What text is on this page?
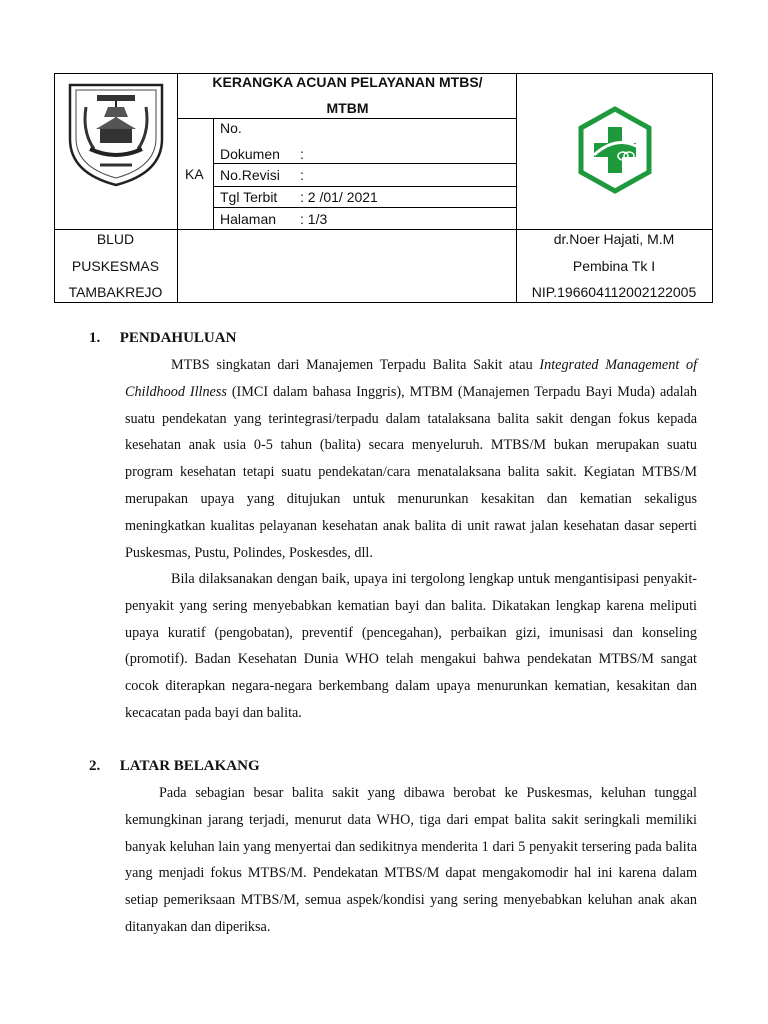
KERANGKA ACUAN PELAYANAN MTBS/
MTBM
KA
No.
Dokumen :
No.Revisi :
Tgl Terbit : 2 /01/ 2021
Halaman : 1/3
BLUD
PUSKESMAS
TAMBAKREJO
dr.Noer Hajati, M.M
Pembina Tk I
NIP.196604112002122005
1. PENDAHULUAN
MTBS singkatan dari Manajemen Terpadu Balita Sakit atau Integrated Management of Childhood Illness (IMCI dalam bahasa Inggris), MTBM (Manajemen Terpadu Bayi Muda) adalah suatu pendekatan yang terintegrasi/terpadu dalam tatalaksana balita sakit dengan fokus kepada kesehatan anak usia 0-5 tahun (balita) secara menyeluruh. MTBS/M bukan merupakan suatu program kesehatan tetapi suatu pendekatan/cara menatalaksana balita sakit. Kegiatan MTBS/M merupakan upaya yang ditujukan untuk menurunkan kesakitan dan kematian sekaligus meningkatkan kualitas pelayanan kesehatan anak balita di unit rawat jalan kesehatan dasar seperti Puskesmas, Pustu, Polindes, Poskesdes, dll.
Bila dilaksanakan dengan baik, upaya ini tergolong lengkap untuk mengantisipasi penyakit-penyakit yang sering menyebabkan kematian bayi dan balita. Dikatakan lengkap karena meliputi upaya kuratif (pengobatan), preventif (pencegahan), perbaikan gizi, imunisasi dan konseling (promotif). Badan Kesehatan Dunia WHO telah mengakui bahwa pendekatan MTBS/M sangat cocok diterapkan negara-negara berkembang dalam upaya menurunkan kematian, kesakitan dan kecacatan pada bayi dan balita.
2. LATAR BELAKANG
Pada sebagian besar balita sakit yang dibawa berobat ke Puskesmas, keluhan tunggal kemungkinan jarang terjadi, menurut data WHO, tiga dari empat balita sakit seringkali memiliki banyak keluhan lain yang menyertai dan sedikitnya menderita 1 dari 5 penyakit tersering pada balita yang menjadi fokus MTBS/M. Pendekatan MTBS/M dapat mengakomodir hal ini karena dalam setiap pemeriksaan MTBS/M, semua aspek/kondisi yang sering menyebabkan keluhan anak akan ditanyakan dan diperiksa.
